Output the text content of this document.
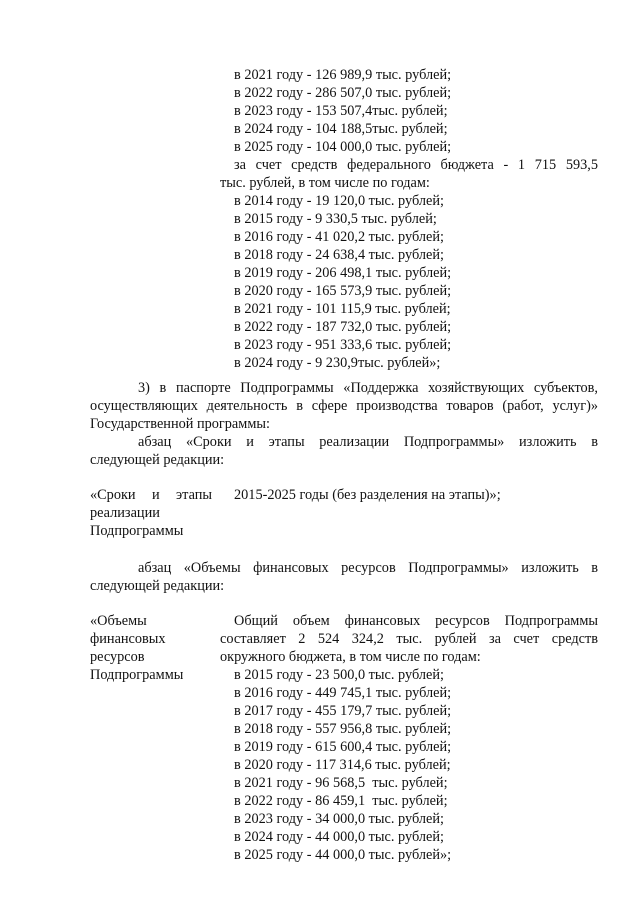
в 2021 году - 126 989,9 тыс. рублей;
в 2022 году - 286 507,0 тыс. рублей;
в 2023 году - 153 507,4тыс. рублей;
в 2024 году - 104 188,5тыс. рублей;
в 2025 году - 104 000,0 тыс. рублей;
за счет средств федерального бюджета - 1 715 593,5
тыс. рублей, в том числе по годам:
в 2014 году - 19 120,0 тыс. рублей;
в 2015 году - 9 330,5 тыс. рублей;
в 2016 году - 41 020,2 тыс. рублей;
в 2018 году - 24 638,4 тыс. рублей;
в 2019 году - 206 498,1 тыс. рублей;
в 2020 году - 165 573,9 тыс. рублей;
в 2021 году - 101 115,9 тыс. рублей;
в 2022 году - 187 732,0 тыс. рублей;
в 2023 году - 951 333,6 тыс. рублей;
в 2024 году - 9 230,9тыс. рублей»;
3) в паспорте Подпрограммы «Поддержка хозяйствующих субъектов,
осуществляющих деятельность в сфере производства товаров (работ, услуг)»
Государственной программы:
абзац «Сроки и этапы реализации Подпрограммы» изложить в
следующей редакции:
«Сроки и этапы
реализации
Подпрограммы
2015-2025 годы (без разделения на этапы)»;
абзац «Объемы финансовых ресурсов Подпрограммы» изложить в
следующей редакции:
«Объемы
финансовых
ресурсов
Подпрограммы
Общий объем финансовых ресурсов Подпрограммы
составляет 2 524 324,2 тыс. рублей за счет средств
окружного бюджета, в том числе по годам:
в 2015 году - 23 500,0 тыс. рублей;
в 2016 году - 449 745,1 тыс. рублей;
в 2017 году - 455 179,7 тыс. рублей;
в 2018 году - 557 956,8 тыс. рублей;
в 2019 году - 615 600,4 тыс. рублей;
в 2020 году - 117 314,6 тыс. рублей;
в 2021 году - 96 568,5  тыс. рублей;
в 2022 году - 86 459,1  тыс. рублей;
в 2023 году - 34 000,0 тыс. рублей;
в 2024 году - 44 000,0 тыс. рублей;
в 2025 году - 44 000,0 тыс. рублей»;
